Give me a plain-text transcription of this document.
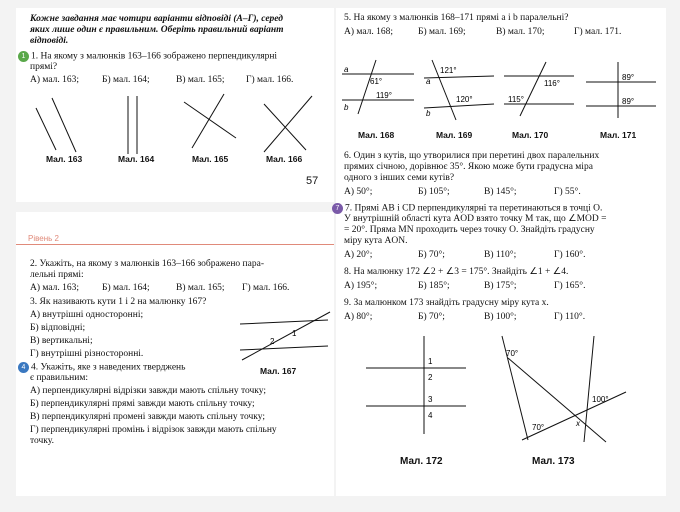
Кожне завдання має чотири варіанти відповіді (А–Г), серед
яких лише один є правильним. Оберіть правильний варіант
відповіді.
1 1. На якому з малюнків 163–166 зображено перпендикулярні
прямі?
А) мал. 163; Б) мал. 164;	В) мал. 165; Г) мал. 166.
Мал. 163	Мал. 164	Мал. 165	Мал. 166
57
Рівень 2
2. Укажіть, на якому з малюнків 163–166 зображено пара-
лельні прямі:
А) мал. 163; Б) мал. 164;	В) мал. 165; Г) мал. 166.
3. Як називають кути 1 і 2 на малюнку 167?
А) внутрішні односторонні;
Б) відповідні;
В) вертикальні;
Г) внутрішні різносторонні.
1
2
Мал. 167
4 4. Укажіть, яке з наведених тверджень
є правильним:
А) перпендикулярні відрізки завжди мають спільну точку;
Б) перпендикулярні прямі завжди мають спільну точку;
В) перпендикулярні промені завжди мають спільну точку;
Г) перпендикулярні промінь і відрізок завжди мають спільну
точку.
5. На якому з малюнків 168–171 прямі a і b паралельні?
А) мал. 168;	Б) мал. 169;	В) мал. 170;	Г) мал. 171.
a
b
61°
119°
a
b
121°
120°
116°
115°
89°
89°
Мал. 168	Мал. 169	Мал. 170	Мал. 171
6. Один з кутів, що утворилися при перетині двох паралельних
прямих січною, дорівнює 35°. Якою може бути градусна міра
одного з інших семи кутів?
А) 50°;	Б) 105°;	В) 145°;	Г) 55°.
7 7. Прямі AB і CD перпендикулярні та перетинаються в точці O.
У внутрішній області кута AOD взято точку M так, що ∠MOD =
= 20°. Пряма MN проходить через точку O. Знайдіть градусну
міру кута AON.
А) 20°;	Б) 70°;	В) 110°;	Г) 160°.
8. На малюнку 172 ∠2 + ∠3 = 175°. Знайдіть ∠1 + ∠4.
А) 195°;	Б) 185°;	В) 175°;	Г) 165°.
9. За малюнком 173 знайдіть градусну міру кута x.
А) 80°;	Б) 70°;	В) 100°;	Г) 110°.
1
2
3
4
Мал. 172
70°
100°
70°	x
Мал. 173
